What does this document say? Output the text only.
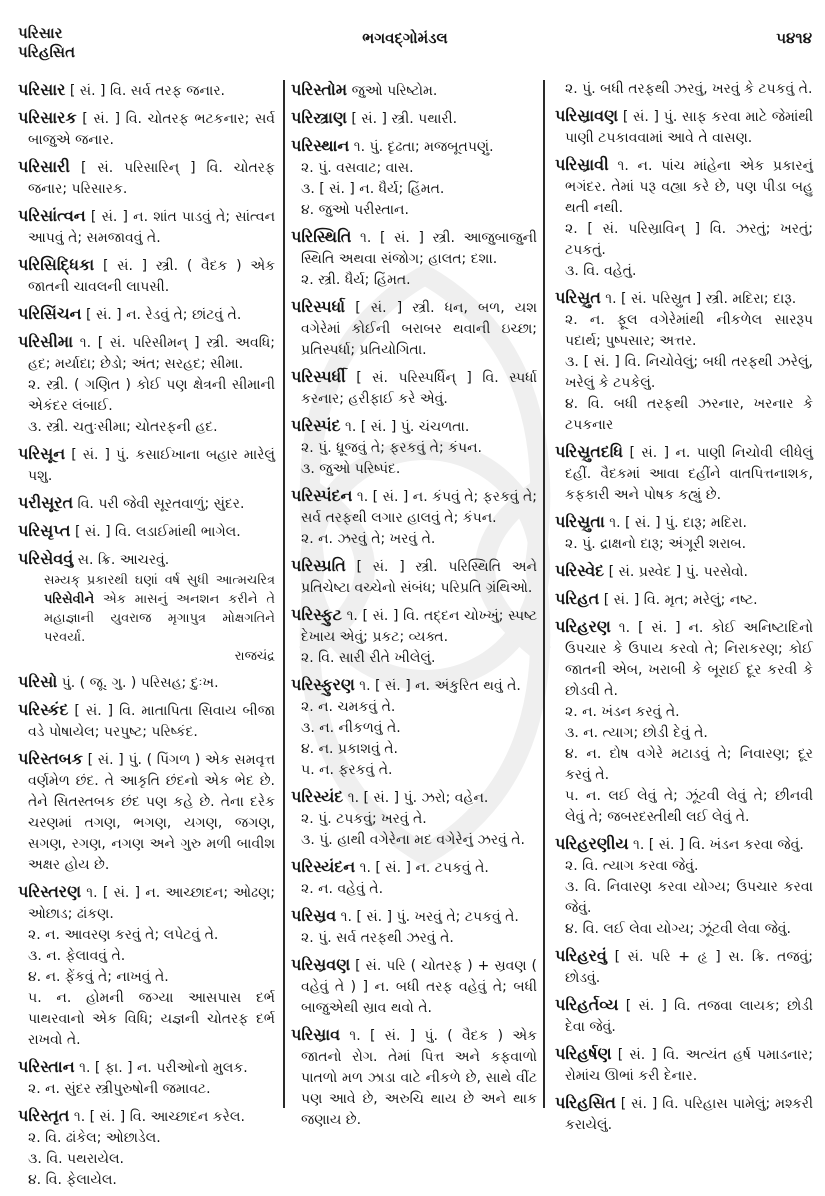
પરિસાર
પરિહસિત
ભગવદ્ગોમંડલ	૫૪૧૪
પરિસાર [ સં. ] વિ. સર્વ તરફ જનાર.
પરિસારક [ સં. ] વિ. ચોતરફ ભટકનાર; સર્વ બાજુએ જનાર.
પરિસારી [ સં. પરિસારિન્ ] વિ. ચોતરફ જનાર; પરિસારક.
પરિસાંત્વન [ સં. ] ન. શાંત પાડવું તે; સાંત્વન આપવું તે; સમજાવવું તે.
પરિસિદ્ધિકા [ સં. ] સ્ત્રી. ( વૈદક ) એક જાતની ચાવલની લાપસી.
પરિસિંચન [ સં. ] ન. રેડવું તે; છાંટવું તે.
પરિસીમા ૧. [ સં. પરિસીમન્ ] સ્ત્રી. અવધિ; હદ; મર્યાદા; છેડો; અંત; સરહદ; સીમા.
૨. સ્ત્રી. ( ગણિત ) કોઈ પણ ક્ષેત્રની સીમાની એકંદર લંબાઈ.
૩. સ્ત્રી. ચતુઃસીમા; ચોતરફની હદ.
પરિસૂન [ સં. ] પું. કસાઈખાના બહાર મારેલું પશુ.
પરીસૂરત વિ. પરી જેવી સૂરતવાળું; સુંદર.
પરિસૃપ્ત [ સં. ] વિ. લડાઈમાંથી ભાગેલ.
પરિસેવવું સ. ક્રિ. આચરવું.
સમ્યક્ પ્રકારથી ઘણાં વર્ષ સુધી આત્મચરિત્ર પરિસેવીને એક માસનું અનશન કરીને તે મહાજ્ઞાની યુવરાજ મૃગાપુત્ર મોક્ષગતિને પરવર્યા.
રાજચંદ્ર
પરિસો પું. ( જૂ. ગુ. ) પરિસહ; દુઃખ.
પરિસ્કંદ [ સં. ] વિ. માતાપિતા સિવાય બીજા વડે પોષાયેલ; પરપુષ્ટ; પરિષ્કંદ.
પરિસ્તબક [ સં. ] પું. ( પિંગળ ) એક સમવૃત્ત વર્ણમેળ છંદ. તે આકૃતિ છંદનો એક ભેદ છે. તેને સિતસ્તબક છંદ પણ કહે છે. તેના દરેક ચરણમાં તગણ, ભગણ, યગણ, જગણ, સગણ, રગણ, નગણ અને ગુરુ મળી બાવીશ અક્ષર હોય છે.
પરિસ્તરણ ૧. [ સં. ] ન. આચ્છાદન; ઓઢણ; ઓછાડ; ઢાંકણ.
૨. ન. આવરણ કરવું તે; લપેટવું તે.
૩. ન. ફેલાવવું તે.
૪. ન. ફેંકવું તે; નાખવું તે.
૫. ન. હોમની જગ્યા આસપાસ દર્ભ પાથરવાનો એક વિધિ; યજ્ઞની ચોતરફ દર્ભ રાખવો તે.
પરિસ્તાન ૧. [ ફા. ] ન. પરીઓનો મુલક.
૨. ન. સુંદર સ્ત્રીપુરુષોની જમાવટ.
પરિસ્તૃત ૧. [ સં. ] વિ. આચ્છાદન કરેલ.
૨. વિ. ઢાંકેલ; ઓછાડેલ.
૩. વિ. પથરાયેલ.
૪. વિ. ફેલાયેલ.
પરિસ્તોમ જુઓ પરિષ્ટોમ.
પરિસ્ત્રાણ [ સં. ] સ્ત્રી. પથારી.
પરિસ્થાન ૧. પું. દૃઢતા; મજબૂતપણું.
૨. પું. વસવાટ; વાસ.
૩. [ સં. ] ન. ધૈર્ય; હિંમત.
૪. જુઓ પરીસ્તાન.
પરિસ્થિતિ ૧. [ સં. ] સ્ત્રી. આજુબાજુની સ્થિતિ અથવા સંજોગ; હાલત; દશા.
૨. સ્ત્રી. ધૈર્ય; હિંમત.
પરિસ્પર્ધા [ સં. ] સ્ત્રી. ધન, બળ, યશ વગેરેમાં કોઈની બરાબર થવાની ઇચ્છા; પ્રતિસ્પર્ધા; પ્રતિયોગિતા.
પરિસ્પર્ધી [ સં. પરિસ્પર્ધિન્ ] વિ. સ્પર્ધા કરનાર; હરીફાઈ કરે એવું.
પરિસ્પંદ ૧. [ સં. ] પું. ચંચળતા.
૨. પું. ધ્રૂજવું તે; ફરકવું તે; કંપન.
૩. જુઓ પરિષ્પંદ.
પરિસ્પંદન ૧. [ સં. ] ન. કંપવું તે; ફરકવું તે; સર્વ તરફથી લગાર હાલવું તે; કંપન.
૨. ન. ઝરવું તે; ખરવું તે.
પરિસ્પ્રતિ [ સં. ] સ્ત્રી. પરિસ્થિતિ અને પ્રતિચેષ્ટા વચ્ચેનો સંબંધ; પરિપ્રતિ ગ્રંથિઓ.
પરિસ્ફુટ ૧. [ સં. ] વિ. તદ્દન ચોખ્ખું; સ્પષ્ટ દેખાય એવું; પ્રકટ; વ્યક્ત.
૨. વિ. સારી રીતે ખીલેલું.
પરિસ્ફુરણ ૧. [ સં. ] ન. અંકુરિત થવું તે.
૨. ન. ચમકવું તે.
૩. ન. નીકળવું તે.
૪. ન. પ્રકાશવું તે.
૫. ન. ફરકવું તે.
પરિસ્યંદ ૧. [ સં. ] પું. ઝરો; વહેન.
૨. પું. ટપકવું; ખરવું તે.
૩. પું. હાથી વગેરેના મદ વગેરેનું ઝરવું તે.
પરિસ્યંદન ૧. [ સં. ] ન. ટપકવું તે.
૨. ન. વહેવું તે.
પરિસ્રવ ૧. [ સં. ] પું. ખરવું તે; ટપકવું તે.
૨. પું. સર્વ તરફથી ઝરવું તે.
પરિસ્રવણ [ સં. પરિ ( ચોતરફ ) + સ્રવણ ( વહેવું તે ) ] ન. બધી તરફ વહેવું તે; બધી બાજુએથી સ્રાવ થવો તે.
પરિસ્રાવ ૧. [ સં. ] પું. ( વૈદક ) એક જાતનો રોગ. તેમાં પિત્ત અને કફવાળો પાતળો મળ ઝાડા વાટે નીકળે છે, સાથે વીંટ પણ આવે છે, અરુચિ થાય છે અને થાક જણાય છે.
૨. પું. બધી તરફથી ઝરવું, ખરવું કે ટપકવું તે.
પરિસ્રાવણ [ સં. ] પું. સાફ કરવા માટે જેમાંથી પાણી ટપકાવવામાં આવે તે વાસણ.
પરિસ્રાવી ૧. ન. પાંચ માંહેના એક પ્રકારનું ભગંદર. તેમાં પરૂ વહ્યા કરે છે, પણ પીડા બહુ થતી નથી.
૨. [ સં. પરિસ્રાવિન્ ] વિ. ઝરતું; ખરતું; ટપકતું.
૩. વિ. વહેતું.
પરિસ્રુત ૧. [ સં. પરિસ્રુત ] સ્ત્રી. મદિરા; દારૂ.
૨. ન. ફૂલ વગેરેમાંથી નીકળેલ સારરૂપ પદાર્થ; પુષ્પસાર; અત્તર.
૩. [ સં. ] વિ. નિચોવેલું; બધી તરફથી ઝરેલું, ખરેલું કે ટપકેલું.
૪. વિ. બધી તરફથી ઝરનાર, ખરનાર કે ટપકનાર
પરિસ્રુતદધિ [ સં. ] ન. પાણી નિચોવી લીધેલું દહીં. વૈદકમાં આવા દહીંને વાતપિત્તનાશક, કફકારી અને પોષક કહ્યું છે.
પરિસ્રુતા ૧. [ સં. ] પું. દારૂ; મદિરા.
૨. પું. દ્રાક્ષનો દારૂ; અંગૂરી શરાબ.
પરિસ્વેદ [ સં. પ્રસ્વેદ ] પું. પરસેવો.
પરિહત [ સં. ] વિ. મૃત; મરેલું; નષ્ટ.
પરિહરણ ૧. [ સં. ] ન. કોઈ અનિષ્ટાદિનો ઉપચાર કે ઉપાય કરવો તે; નિરાકરણ; કોઈ જાતની એબ, ખરાબી કે બૂરાઈ દૂર કરવી કે છોડવી તે.
૨. ન. ખંડન કરવું તે.
૩. ન. ત્યાગ; છોડી દેવું તે.
૪. ન. દોષ વગેરે મટાડવું તે; નિવારણ; દૂર કરવું તે.
૫. ન. લઈ લેવું તે; ઝૂંટવી લેવું તે; છીનવી લેવું તે; જબરદસ્તીથી લઈ લેવું તે.
પરિહરણીય ૧. [ સં. ] વિ. ખંડન કરવા જેવું.
૨. વિ. ત્યાગ કરવા જેવું.
૩. વિ. નિવારણ કરવા યોગ્ય; ઉપચાર કરવા જેવું.
૪. વિ. લઈ લેવા યોગ્ય; ઝૂંટવી લેવા જેવું.
પરિહરવું [ સં. પરિ + હૃ ] સ. ક્રિ. તજવું; છોડવું.
પરિહર્તવ્ય [ સં. ] વિ. તજવા લાયક; છોડી દેવા જેવું.
પરિહર્ષણ [ સં. ] વિ. અત્યંત હર્ષ પમાડનાર; રોમાંચ ઊભાં કરી દેનાર.
પરિહસિત [ સં. ] વિ. પરિહાસ પામેલું; મશ્કરી કરાયેલું.
